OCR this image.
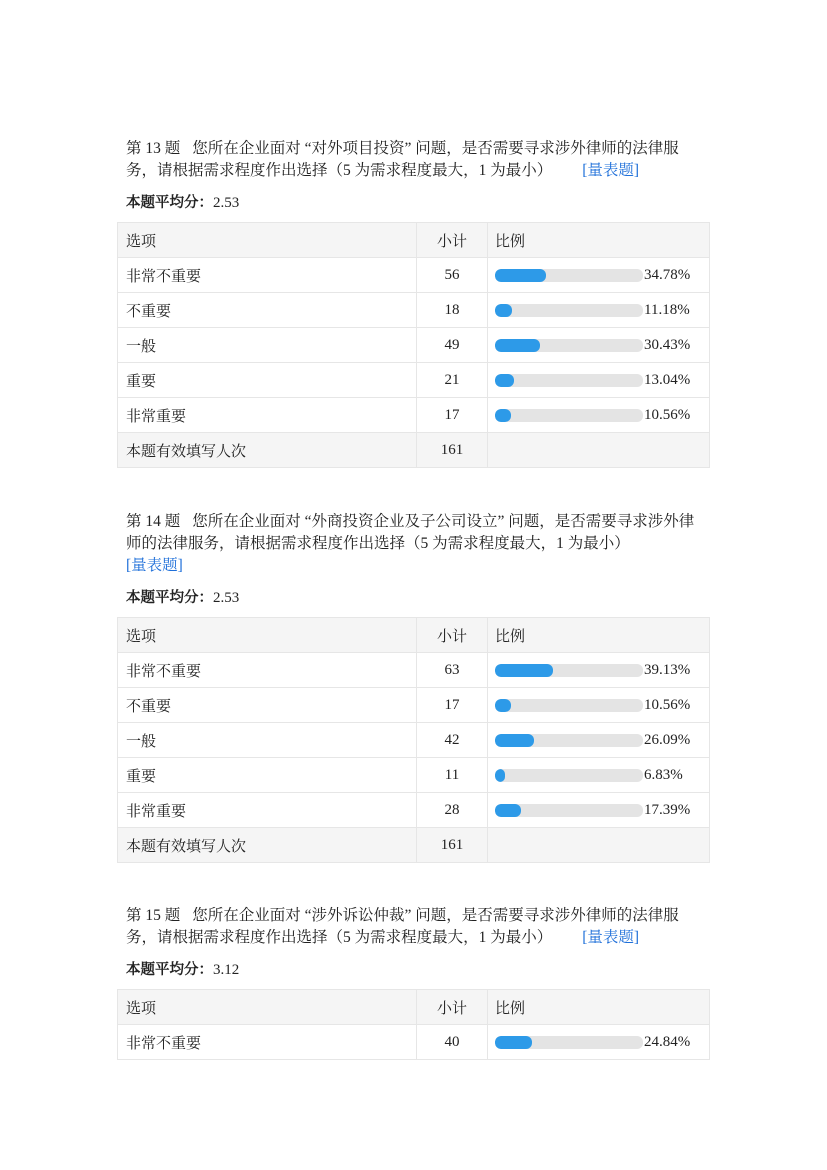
第 13 题 您所在企业面对 “对外项目投资” 问题，是否需要寻求涉外律师的法律服务，请根据需求程度作出选择（5 为需求程度最大，1 为最小） [量表题]
本题平均分：2.53
选项	小计	比例
非常不重要	56	34.78%

不重要	18	11.18%

一般	49	30.43%

重要	21	13.04%

非常重要	17	10.56%

本题有效填写人次	161	
第 14 题 您所在企业面对 “外商投资企业及子公司设立” 问题，是否需要寻求涉外律师的法律服务，请根据需求程度作出选择（5 为需求程度最大，1 为最小）
[量表题]
本题平均分：2.53
选项	小计	比例
非常不重要	63	39.13%

不重要	17	10.56%

一般	42	26.09%

重要	11	6.83%

非常重要	28	17.39%

本题有效填写人次	161	
第 15 题 您所在企业面对 “涉外诉讼仲裁” 问题，是否需要寻求涉外律师的法律服务，请根据需求程度作出选择（5 为需求程度最大，1 为最小） [量表题]
本题平均分：3.12
选项	小计	比例
非常不重要	40	24.84%
